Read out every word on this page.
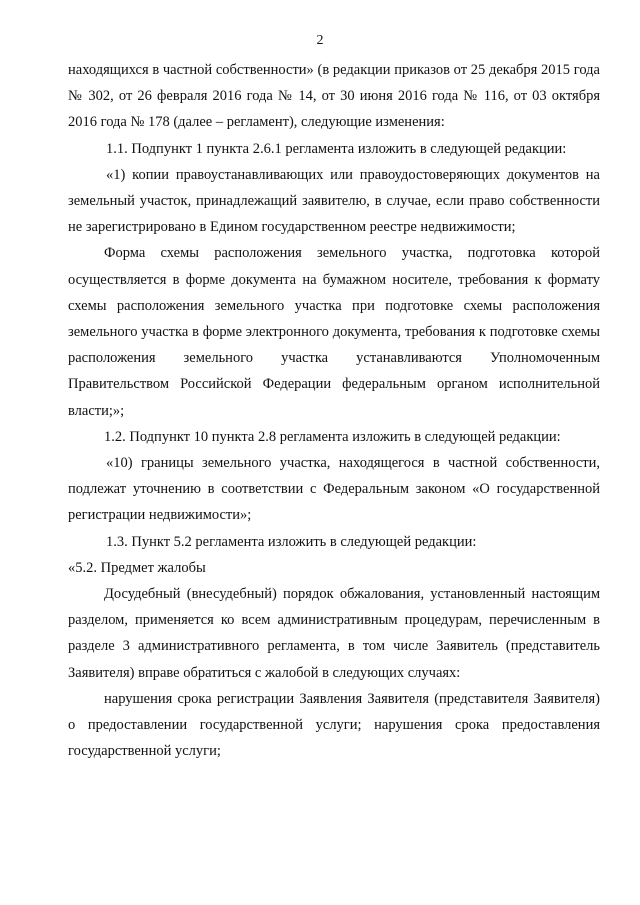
2

находящихся в частной собственности» (в редакции приказов от 25 декабря 2015 года № 302, от 26 февраля 2016 года № 14, от 30 июня 2016 года № 116, от 03 октября 2016 года № 178 (далее – регламент), следующие изменения:

1.1. Подпункт 1 пункта 2.6.1 регламента изложить в следующей редакции:

«1) копии правоустанавливающих или правоудостоверяющих документов на земельный участок, принадлежащий заявителю, в случае, если право собственности не зарегистрировано в Едином государственном реестре недвижимости;

Форма схемы расположения земельного участка, подготовка которой осуществляется в форме документа на бумажном носителе, требования к формату схемы расположения земельного участка при подготовке схемы расположения земельного участка в форме электронного документа, требования к подготовке схемы расположения земельного участка устанавливаются Уполномоченным Правительством Российской Федерации федеральным органом исполнительной власти;»;

1.2. Подпункт 10 пункта 2.8 регламента изложить в следующей редакции:

«10) границы земельного участка, находящегося в частной собственности, подлежат уточнению в соответствии с Федеральным законом «О государственной регистрации недвижимости»;

1.3. Пункт 5.2 регламента изложить в следующей редакции:

«5.2. Предмет жалобы

Досудебный (внесудебный) порядок обжалования, установленный настоящим разделом, применяется ко всем административным процедурам, перечисленным в разделе 3 административного регламента, в том числе Заявитель (представитель Заявителя) вправе обратиться с жалобой в следующих случаях:

нарушения срока регистрации Заявления Заявителя (представителя Заявителя) о предоставлении государственной услуги; нарушения срока предоставления государственной услуги;
